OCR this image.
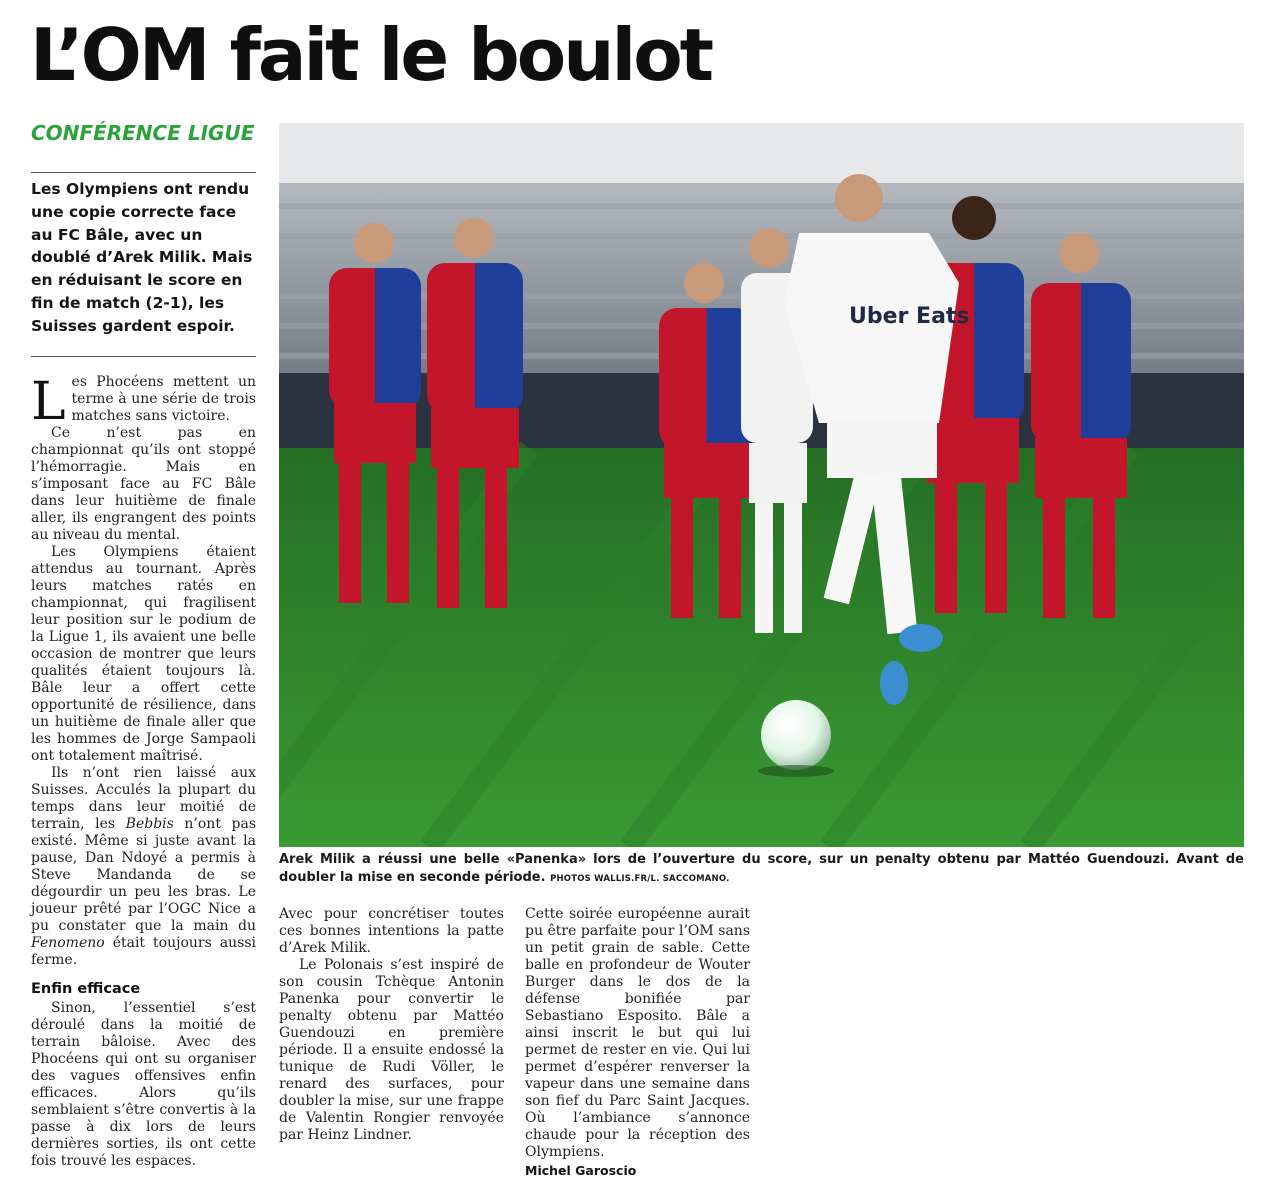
L’OM fait le boulot
CONFÉRENCE LIGUE
Les Olympiens ont rendu une copie correcte face au FC Bâle, avec un doublé d’Arek Milik. Mais en réduisant le score en fin de match (2-1), les Suisses gardent espoir.

Les Phocéens mettent un terme à une série de trois matches sans victoire.

Ce n’est pas en championnat qu’ils ont stoppé l’hémorragie. Mais en s’imposant face au FC Bâle dans leur huitième de finale aller, ils engrangent des points au niveau du mental.

Les Olympiens étaient attendus au tournant. Après leurs matches ratés en championnat, qui fragilisent leur position sur le podium de la Ligue 1, ils avaient une belle occasion de montrer que leurs qualités étaient toujours là. Bâle leur a offert cette opportunité de résilience, dans un huitième de finale aller que les hommes de Jorge Sampaoli ont totalement maîtrisé.

Ils n’ont rien laissé aux Suisses. Acculés la plupart du temps dans leur moitié de terrain, les Bebbis n’ont pas existé. Même si juste avant la pause, Dan Ndoyé a permis à Steve Mandanda de se dégourdir un peu les bras. Le joueur prêté par l’OGC Nice a pu constater que la main du Fenomeno était toujours aussi ferme.

Enfin efficace

Sinon, l’essentiel s’est déroulé dans la moitié de terrain bâloise. Avec des Phocéens qui ont su organiser des vagues offensives enfin efficaces. Alors qu’ils semblaient s’être convertis à la passe à dix lors de leurs dernières sorties, ils ont cette fois trouvé les espaces.

Avec pour concrétiser toutes ces bonnes intentions la patte d’Arek Milik.

Le Polonais s’est inspiré de son cousin Tchèque Antonin Panenka pour convertir le penalty obtenu par Mattéo Guendouzi en première période. Il a ensuite endossé la tunique de Rudi Völler, le renard des surfaces, pour doubler la mise, sur une frappe de Valentin Rongier renvoyée par Heinz Lindner.

Cette soirée européenne aurait pu être parfaite pour l’OM sans un petit grain de sable. Cette balle en profondeur de Wouter Burger dans le dos de la défense bonifiée par Sebastiano Esposito. Bâle a ainsi inscrit le but qui lui permet de rester en vie. Qui lui permet d’espérer renverser la vapeur dans une semaine dans son fief du Parc Saint Jacques. Où l’ambiance s’annonce chaude pour la réception des Olympiens.

Michel Garoscio
Uber Eats
Arek Milik a réussi une belle «Panenka» lors de l’ouverture du score, sur un penalty obtenu par Mattéo Guendouzi. Avant de doubler la mise en seconde période. PHOTOS WALLIS.FR/L. SACCOMANO.
